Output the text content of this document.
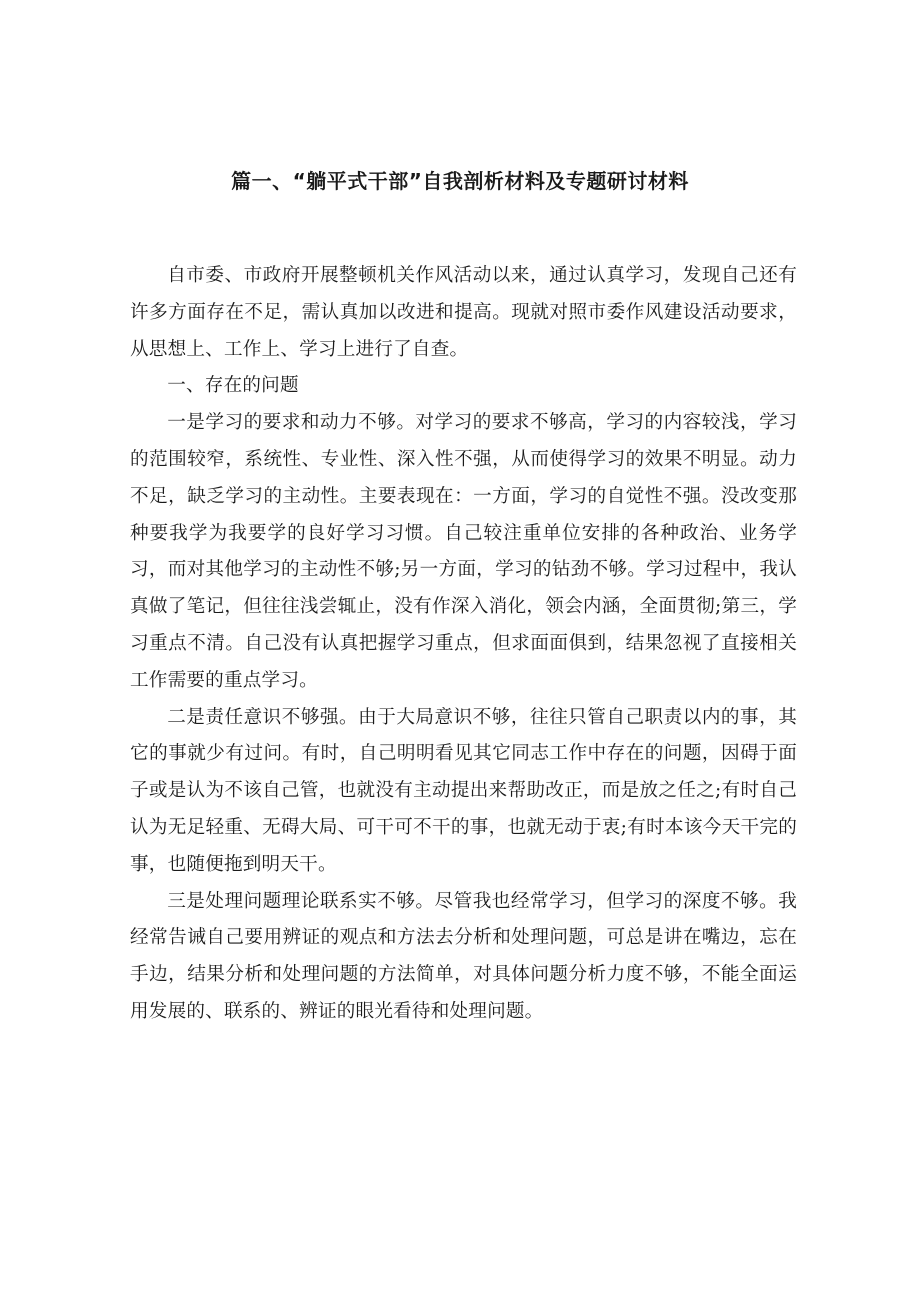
篇一、“躺平式干部”自我剖析材料及专题研讨材料

自市委、市政府开展整顿机关作风活动以来，通过认真学习，发现自己还有许多方面存在不足，需认真加以改进和提高。现就对照市委作风建设活动要求，从思想上、工作上、学习上进行了自查。

一、存在的问题

一是学习的要求和动力不够。对学习的要求不够高，学习的内容较浅，学习的范围较窄，系统性、专业性、深入性不强，从而使得学习的效果不明显。动力不足，缺乏学习的主动性。主要表现在：一方面，学习的自觉性不强。没改变那种要我学为我要学的良好学习习惯。自己较注重单位安排的各种政治、业务学习，而对其他学习的主动性不够;另一方面，学习的钻劲不够。学习过程中，我认真做了笔记，但往往浅尝辄止，没有作深入消化，领会内涵，全面贯彻;第三，学习重点不清。自己没有认真把握学习重点，但求面面俱到，结果忽视了直接相关工作需要的重点学习。

二是责任意识不够强。由于大局意识不够，往往只管自己职责以内的事，其它的事就少有过问。有时，自己明明看见其它同志工作中存在的问题，因碍于面子或是认为不该自己管，也就没有主动提出来帮助改正，而是放之任之;有时自己认为无足轻重、无碍大局、可干可不干的事，也就无动于衷;有时本该今天干完的事，也随便拖到明天干。

三是处理问题理论联系实不够。尽管我也经常学习，但学习的深度不够。我经常告诫自己要用辨证的观点和方法去分析和处理问题，可总是讲在嘴边，忘在手边，结果分析和处理问题的方法简单，对具体问题分析力度不够，不能全面运用发展的、联系的、辨证的眼光看待和处理问题。
